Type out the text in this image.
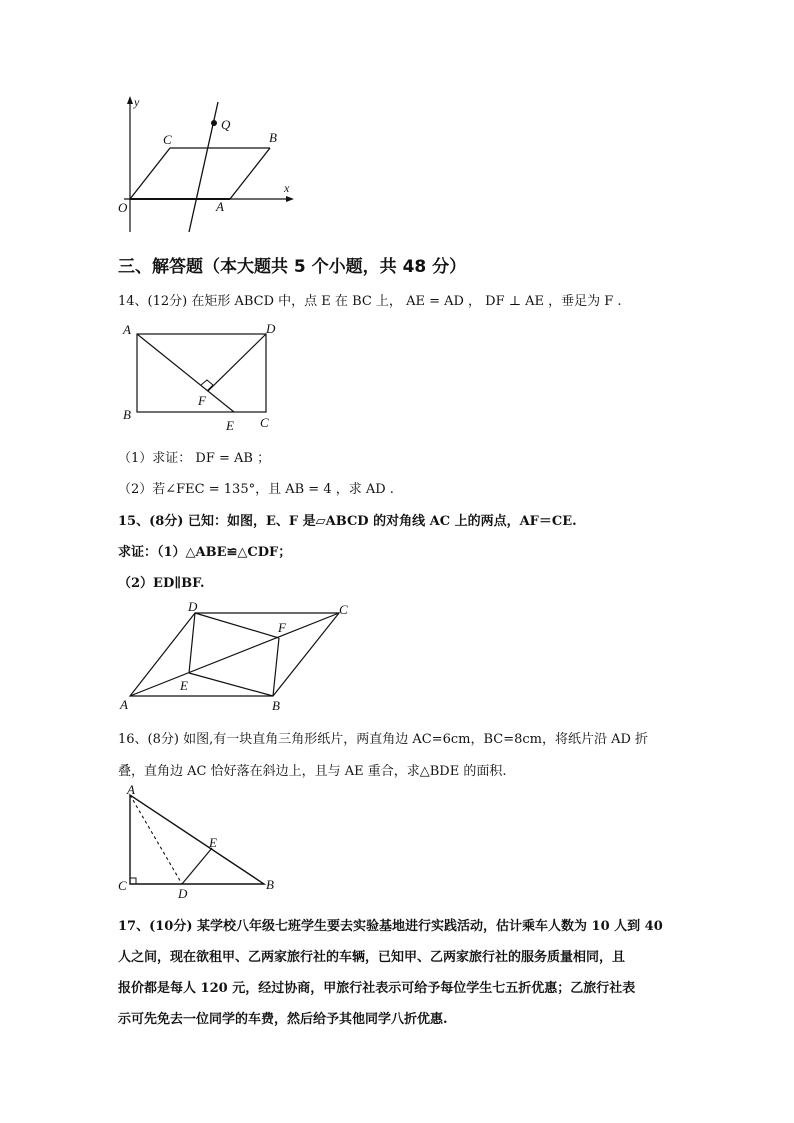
y
x
O	A
B
C
Q
三、解答题（本大题共 5 个小题，共 48 分）
14、(12分) 在矩形 ABCD 中，点 E 在 BC 上， AE = AD ， DF ⊥ AE ，垂足为 F .
A	D
B
C
F
E
（1）求证： DF = AB ；
（2）若∠FEC = 135°，且 AB = 4 ，求 AD .
15、(8分) 已知：如图，E、F 是▱ABCD 的对角线 AC 上的两点，AF＝CE.
求证：（1）△ABE≌△CDF；
（2）ED∥BF.
D	C
F
E
A	B
16、(8分) 如图,有一块直角三角形纸片，两直角边 AC=6cm，BC=8cm，将纸片沿 AD 折
叠，直角边 AC 恰好落在斜边上，且与 AE 重合，求△BDE 的面积.
A
E
C
D
B
17、(10分) 某学校八年级七班学生要去实验基地进行实践活动，估计乘车人数为 10 人到 40
人之间，现在欲租甲、乙两家旅行社的车辆，已知甲、乙两家旅行社的服务质量相同，且
报价都是每人 120 元，经过协商，甲旅行社表示可给予每位学生七五折优惠；乙旅行社表
示可先免去一位同学的车费，然后给予其他同学八折优惠.
